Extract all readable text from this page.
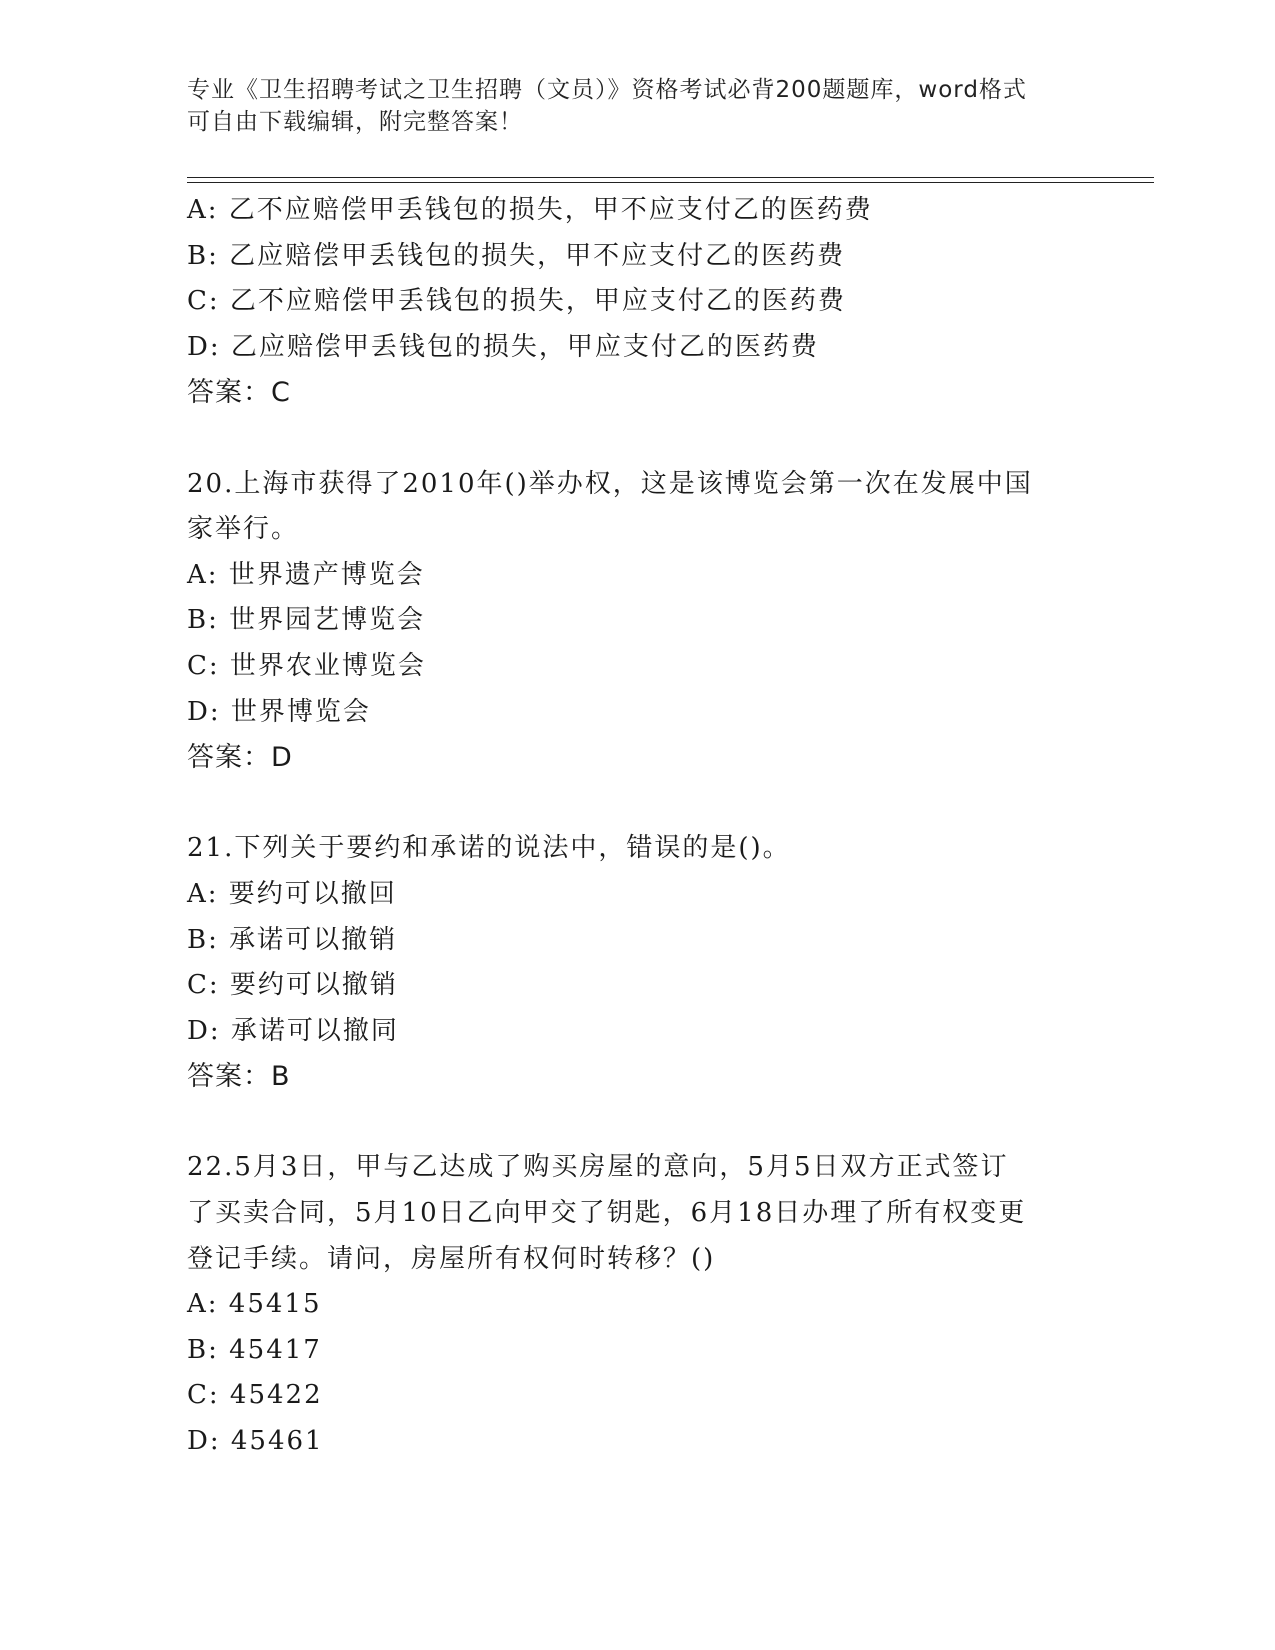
专业《卫生招聘考试之卫生招聘（文员）》资格考试必背200题题库，word格式
可自由下载编辑，附完整答案！
A: 乙不应赔偿甲丢钱包的损失，甲不应支付乙的医药费
B: 乙应赔偿甲丢钱包的损失，甲不应支付乙的医药费
C: 乙不应赔偿甲丢钱包的损失，甲应支付乙的医药费
D: 乙应赔偿甲丢钱包的损失，甲应支付乙的医药费
答案：C
20.上海市获得了2010年()举办权，这是该博览会第一次在发展中国
家举行。
A: 世界遗产博览会
B: 世界园艺博览会
C: 世界农业博览会
D: 世界博览会
答案：D
21.下列关于要约和承诺的说法中，错误的是()。
A: 要约可以撤回
B: 承诺可以撤销
C: 要约可以撤销
D: 承诺可以撤同
答案：B
22.5月3日，甲与乙达成了购买房屋的意向，5月5日双方正式签订
了买卖合同，5月10日乙向甲交了钥匙，6月18日办理了所有权变更
登记手续。请问，房屋所有权何时转移？()
A: 45415
B: 45417
C: 45422
D: 45461
